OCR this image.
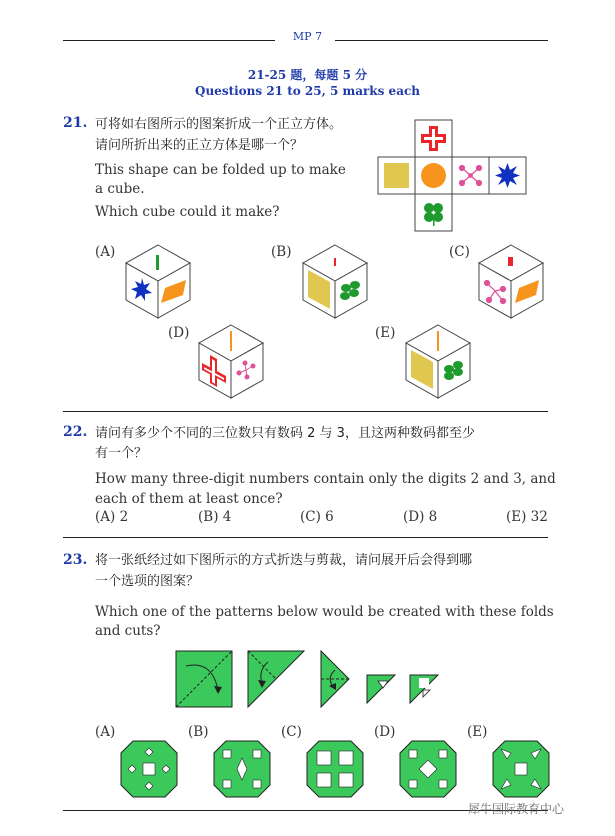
MP 7
21-25 题，每题 5 分
Questions 21 to 25, 5 marks each
21. 可将如右图所示的图案折成一个正立方体。
请问所折出来的正立方体是哪一个？
This shape can be folded up to make
a cube.
Which cube could it make?
(A)	(B)	(C)
(D)	(E)
22. 请问有多少个不同的三位数只有数码 2 与 3，且这两种数码都至少
有一个？
How many three-digit numbers contain only the digits 2 and 3, and
each of them at least once?
(A) 2	(B) 4	(C) 6	(D) 8	(E) 32
23. 将一张纸经过如下图所示的方式折迭与剪裁，请问展开后会得到哪
一个选项的图案？
Which one of the patterns below would be created with these folds
and cuts?
(A)	(B)	(C)	(D)	(E)
犀牛国际教育中心
